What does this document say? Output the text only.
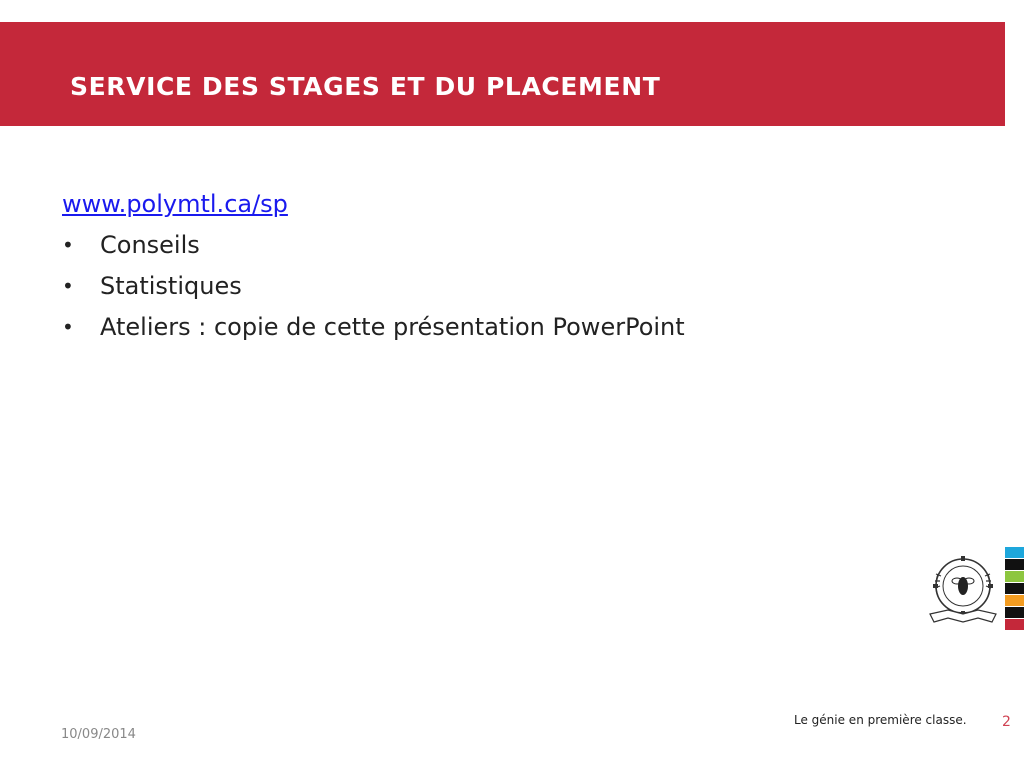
SERVICE DES STAGES ET DU PLACEMENT
www.polymtl.ca/sp
• Conseils
• Statistiques
• Ateliers : copie de cette présentation PowerPoint
Le génie en première classe.	2
10/09/2014
